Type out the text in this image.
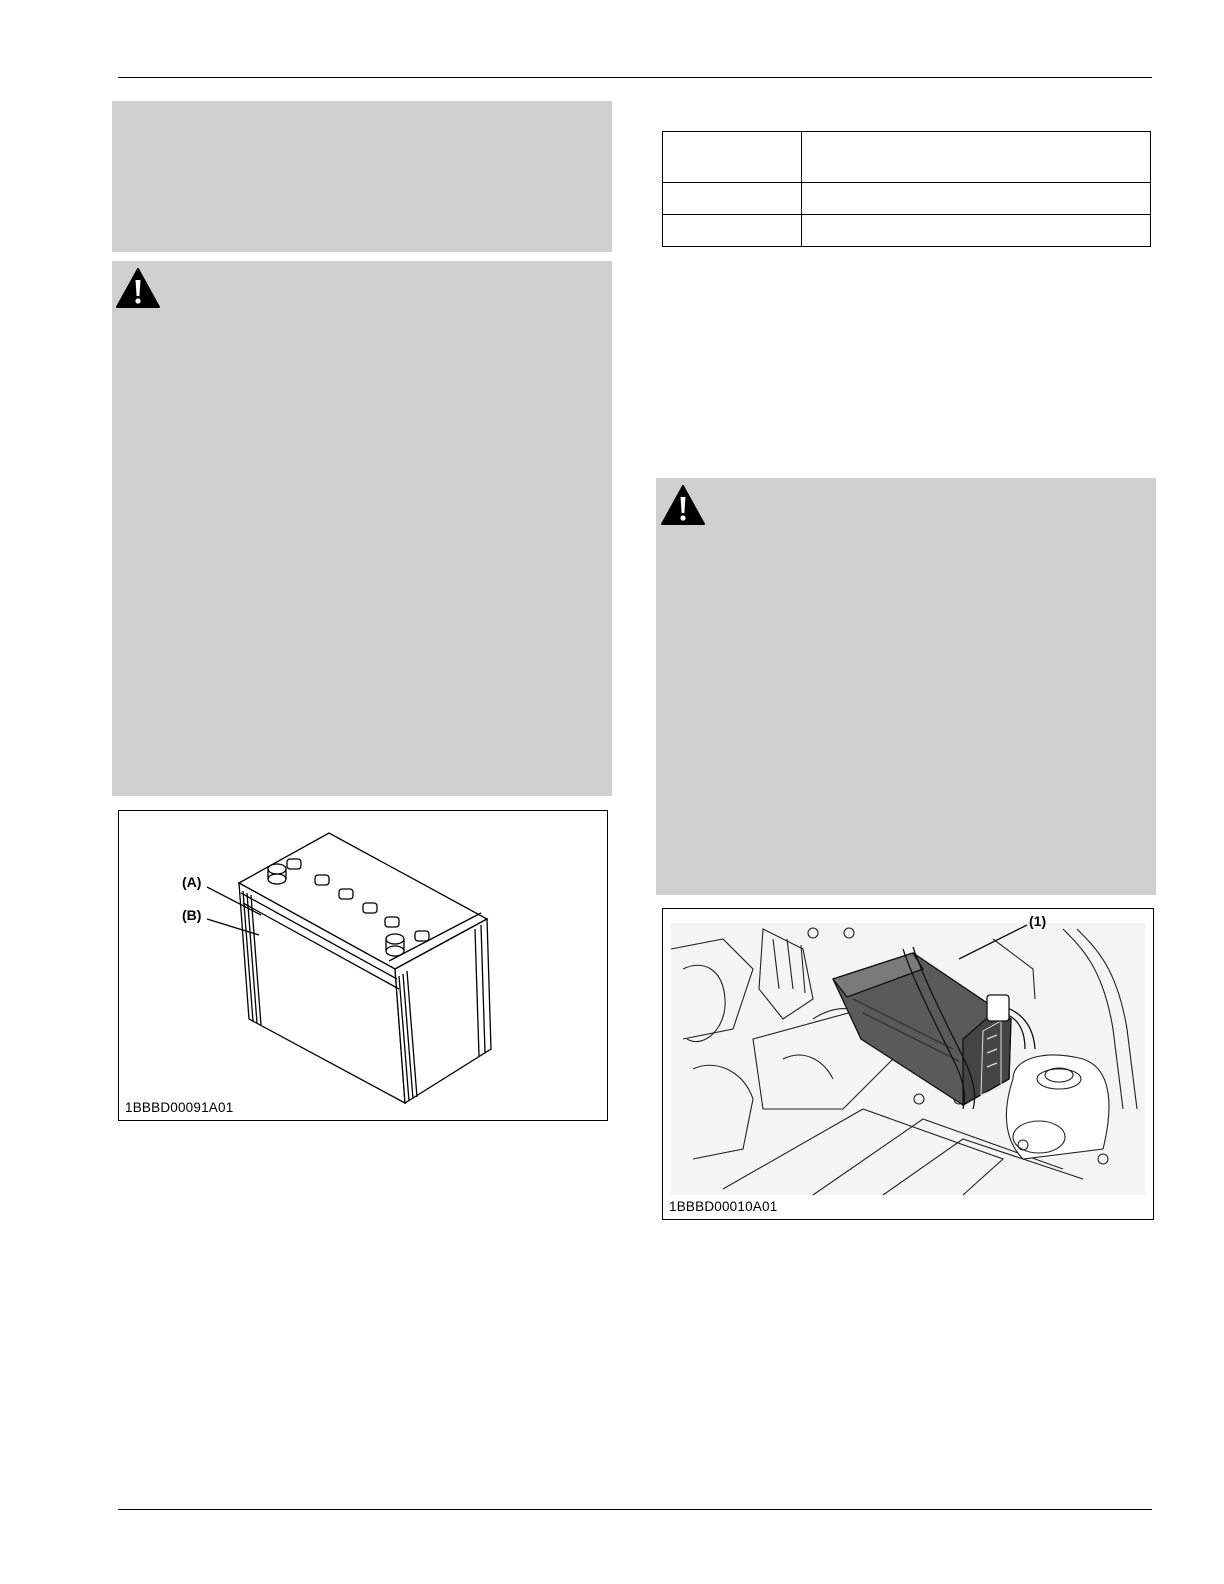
(A)
(B)
1BBBD00091A01

(1)
1BBBD00010A01
